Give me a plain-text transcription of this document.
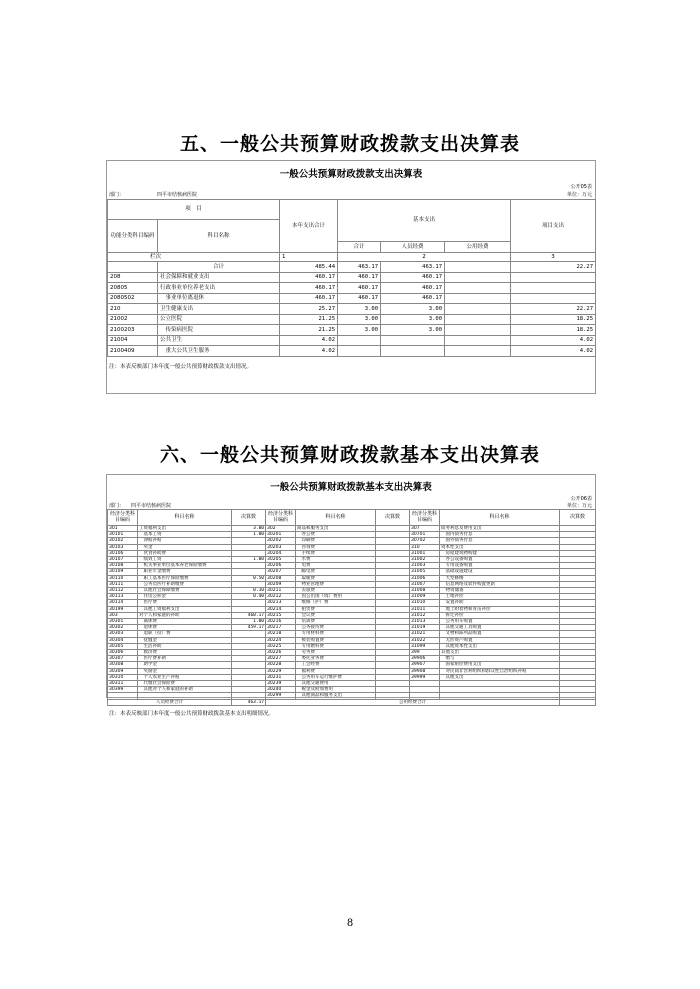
五、一般公共预算财政拨款支出决算表
一般公共预算财政拨款支出决算表
公开05表
部门：	四平市结核病医院	单位：万元
项　目		本年支出合计	基本支出			项目支出
功能分类科目编码	科目名称					
			合计	人员经费	公用经费	
栏次		1	2			3
	合计	485.44	463.17	463.17		22.27
208	社会保障和就业支出	460.17	460.17	460.17		
20805	行政事业单位养老支出	460.17	460.17	460.17		
2080502	　事业单位离退休	460.17	460.17	460.17		
210	卫生健康支出	25.27	3.00	3.00		22.27
21002	公立医院	21.25	3.00	3.00		18.25
2100203	　传染病医院	21.25	3.00	3.00		18.25
21004	公共卫生	4.02				4.02
2100409	　重大公共卫生服务	4.02				4.02
注：本表反映部门本年度一般公共预算财政拨款支出情况。
六、一般公共预算财政拨款基本支出决算表
一般公共预算财政拨款基本支出决算表
公开06表
部门： 四平市结核病医院	单位：万元
经济分类科目编码	科目名称	决算数	经济分类科目编码	科目名称	决算数	经济分类科目编码	科目名称	决算数
301	工资福利支出	3.00	302	商品和服务支出		307	债务利息及费用支出	
30101	　基本工资	1.00	30201	　办公费		30701	　国内债务付息	
30102	　津贴补贴		30202	　印刷费		30702	　国外债务付息	
30103	　奖金		30203	　咨询费		310	资本性支出	
30106	　伙食补助费		30204	　手续费		31001	　房屋建筑物购建	
30107	　绩效工资	1.00	30205	　水费		31002	　办公设备购置	
30108	　机关事业单位基本养老保险缴费		30206	　电费		31003	　专用设备购置	
30109	　职业年金缴费		30207	　邮电费		31005	　基础设施建设	
30110	　职工基本医疗保险缴费	0.50	30208	　取暖费		31006	　大型修缮	
30111	　公务员医疗补助缴费		30209	　物业管理费		31007	　信息网络及软件购置更新	
30112	　其他社会保障缴费	0.10	30211	　差旅费		31008	　物资储备	
30113	　住房公积金	0.40	30212	　因公出国（境）费用		31009	　土地补偿	
30114	　医疗费		30213	　维修（护）费		31010	　安置补助	
30199	　其他工资福利支出		30214	　租赁费		31011	　地上附着物和青苗补偿	
303	对个人和家庭的补助	460.17	30215	　会议费		31012	　拆迁补偿	
30301	　离休费	1.00	30216	　培训费		31013	　公务用车购置	
30302	　退休费	459.17	30217	　公务接待费		31019	　其他交通工具购置	
30303	　退职（役）费		30218	　专用材料费		31021	　文物和陈列品购置	
30304	　抚恤金		30224	　被装购置费		31022	　无形资产购置	
30305	　生活补助		30225	　专用燃料费		31099	　其他资本性支出	
30306	　救济费		30226	　劳务费		399	其他支出	
30307	　医疗费补助		30227	　委托业务费		39906	　赠与	
30308	　助学金		30228	　工会经费		39907	　国家赔偿费用支出	
30309	　奖励金		30229	　福利费		39908	　对民间非营利组织和群众性自治组织补贴	
30310	　个人农业生产补贴		30231	　公务用车运行维护费		39999	　其他支出	
30311	　代缴社会保险费		30239	　其他交通费用				
30399	　其他对个人和家庭的补助		30240	　税金及附加费用				
			30299	　其他商品和服务支出				
人员经费合计		463.17	公用经费合计					
注：本表反映部门本年度一般公共预算财政拨款基本支出明细情况。
8
